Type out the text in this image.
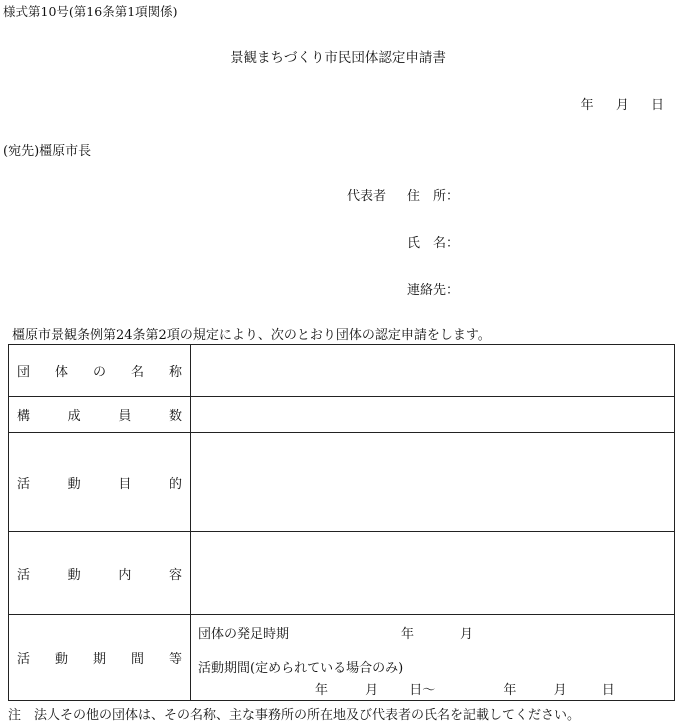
様式第10号(第16条第1項関係)
景観まちづくり市民団体認定申請書
年 月 日
(宛先)橿原市長
代表者 住　所：
氏　名：
連絡先：
橿原市景観条例第24条第2項の規定により、次のとおり団体の認定申請をします。
団 体 の 名 称	

構 成 員 数	

活 動 目 的	

活 動 内 容	

活 動 期 間 等	団体の発足時期 年 月
活動期間(定められている場合のみ)
年 月 日〜 年 月 日
注　法人その他の団体は、その名称、主な事務所の所在地及び代表者の氏名を記載してください。
